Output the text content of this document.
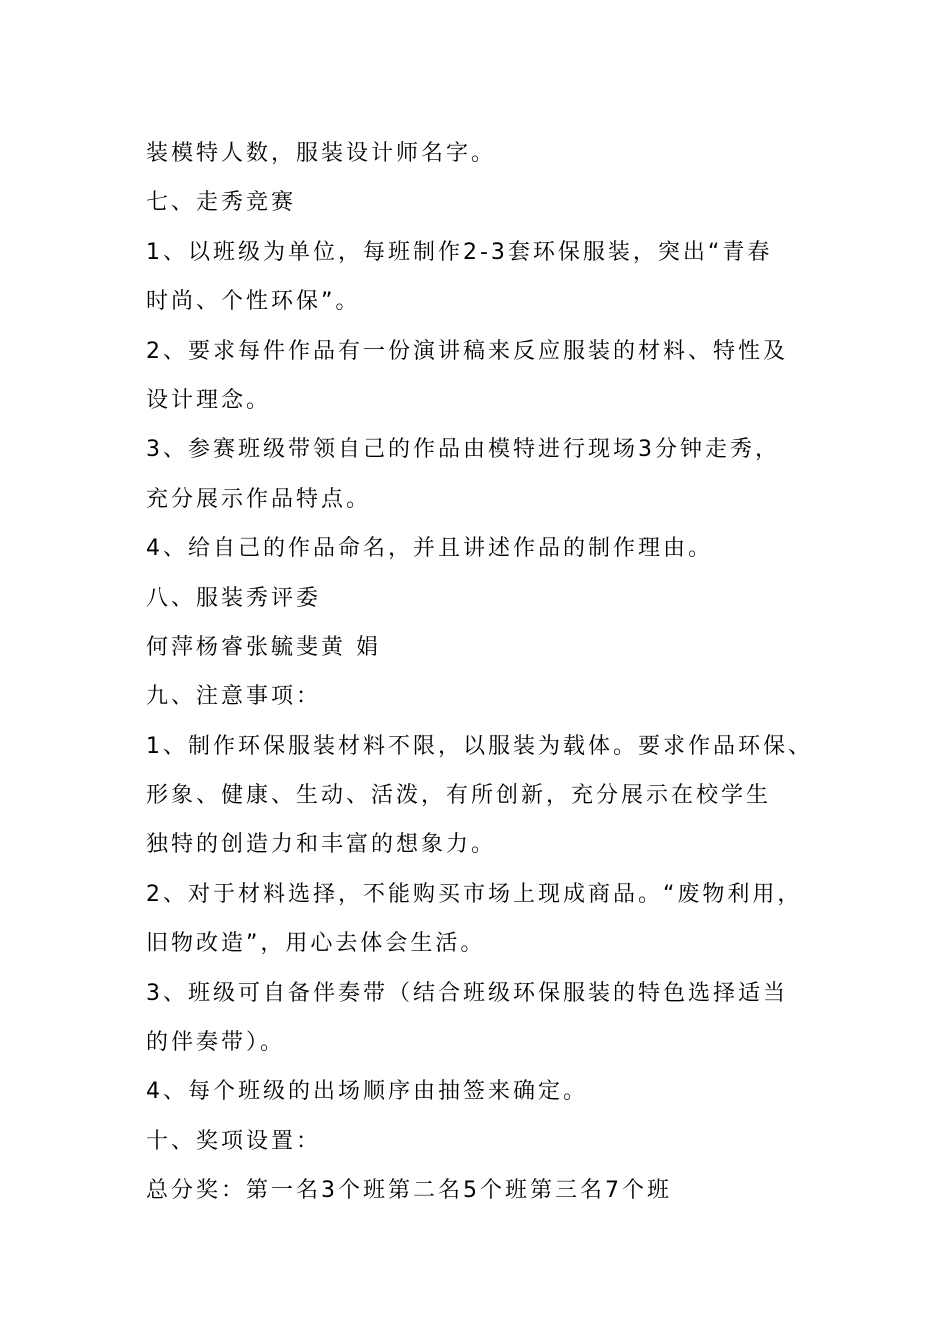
装模特人数，服装设计师名字。
七、走秀竞赛
1、以班级为单位，每班制作2-3套环保服装，突出“青春
时尚、个性环保”。
2、要求每件作品有一份演讲稿来反应服装的材料、特性及
设计理念。
3、参赛班级带领自己的作品由模特进行现场3分钟走秀，
充分展示作品特点。
4、给自己的作品命名，并且讲述作品的制作理由。
八、服装秀评委
何萍杨睿张毓斐黄 娟
九、注意事项：
1、制作环保服装材料不限，以服装为载体。要求作品环保、
形象、健康、生动、活泼，有所创新，充分展示在校学生
独特的创造力和丰富的想象力。
2、对于材料选择，不能购买市场上现成商品。“废物利用，
旧物改造”，用心去体会生活。
3、班级可自备伴奏带（结合班级环保服装的特色选择适当
的伴奏带）。
4、每个班级的出场顺序由抽签来确定。
十、奖项设置：
总分奖：第一名3个班第二名5个班第三名7个班
